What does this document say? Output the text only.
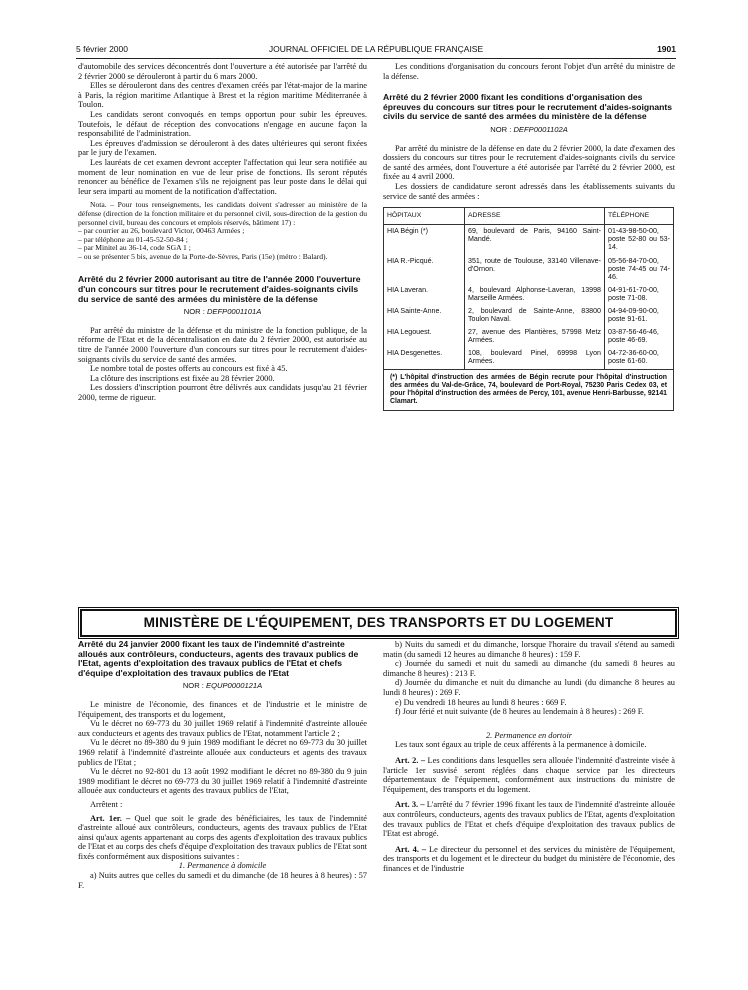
5 février 2000	JOURNAL OFFICIEL DE LA RÉPUBLIQUE FRANÇAISE	1901

d'automobile des services déconcentrés dont l'ouverture a été autorisée par l'arrêté du 2 février 2000 se dérouleront à partir du 6 mars 2000.

Elles se dérouleront dans des centres d'examen créés par l'état-major de la marine à Paris, la région maritime Atlantique à Brest et la région maritime Méditerranée à Toulon.

Les candidats seront convoqués en temps opportun pour subir les épreuves. Toutefois, le défaut de réception des convocations n'engage en aucune façon la responsabilité de l'administration.

Les épreuves d'admission se dérouleront à des dates ultérieures qui seront fixées par le jury de l'examen.

Les lauréats de cet examen devront accepter l'affectation qui leur sera notifiée au moment de leur nomination en vue de leur prise de fonctions. Ils seront réputés renoncer au bénéfice de l'examen s'ils ne rejoignent pas leur poste dans le délai qui leur sera imparti au moment de la notification d'affectation.

Nota. – Pour tous renseignements, les candidats doivent s'adresser au ministère de la défense (direction de la fonction militaire et du personnel civil, sous-direction de la gestion du personnel civil, bureau des concours et emplois réservés, bâtiment 17) :

– par courrier au 26, boulevard Victor, 00463 Armées ;
– par téléphone au 01-45-52-50-84 ;
– par Minitel au 36-14, code SGA 1 ;
– ou se présenter 5 bis, avenue de la Porte-de-Sèvres, Paris (15e) (métro : Balard).
Arrêté du 2 février 2000 autorisant au titre de l'année 2000 l'ouverture d'un concours sur titres pour le recrutement d'aides-soignants civils du service de santé des armées du ministère de la défense
NOR : DEFP0001101A

Par arrêté du ministre de la défense et du ministre de la fonction publique, de la réforme de l'Etat et de la décentralisation en date du 2 février 2000, est autorisée au titre de l'année 2000 l'ouverture d'un concours sur titres pour le recrutement d'aides-soignants civils du service de santé des armées.

Le nombre total de postes offerts au concours est fixé à 45.

La clôture des inscriptions est fixée au 28 février 2000.

Les dossiers d'inscription pourront être délivrés aux candidats jusqu'au 21 février 2000, terme de rigueur.

Les conditions d'organisation du concours feront l'objet d'un arrêté du ministre de la défense.

Arrêté du 2 février 2000 fixant les conditions d'organisation des épreuves du concours sur titres pour le recrutement d'aides-soignants civils du service de santé des armées du ministère de la défense
NOR : DEFP0001102A

Par arrêté du ministre de la défense en date du 2 février 2000, la date d'examen des dossiers du concours sur titres pour le recrutement d'aides-soignants civils du service de santé des armées, dont l'ouverture a été autorisée par l'arrêté du 2 février 2000, est fixée au 4 avril 2000.

Les dossiers de candidature seront adressés dans les établissements suivants du service de santé des armées :

HÔPITAUX	ADRESSE	TÉLÉPHONE
HIA Bégin (*)	69, boulevard de Paris, 94160 Saint-Mandé.	01-43-98-50-00, poste 52-80 ou 53-14.
HIA R.-Picqué.	351, route de Toulouse, 33140 Villenave-d'Ornon.	05-56-84-70-00, poste 74-45 ou 74-46.
HIA Laveran.	4, boulevard Alphonse-Laveran, 13998 Marseille Armées.	04-91-61-70-00, poste 71-08.
HIA Sainte-Anne.	2, boulevard de Sainte-Anne, 83800 Toulon Naval.	04-94-09-90-00, poste 91-61.
HIA Legouest.	27, avenue des Plantières, 57998 Metz Armées.	03-87-56-46-46, poste 46-69.
HIA Desgenettes.	108, boulevard Pinel, 69998 Lyon Armées.	04-72-36-60-00, poste 61-60.
(*) L'hôpital d'instruction des armées de Bégin recrute pour l'hôpital d'instruction des armées du Val-de-Grâce, 74, boulevard de Port-Royal, 75230 Paris Cedex 03, et pour l'hôpital d'instruction des armées de Percy, 101, avenue Henri-Barbusse, 92141 Clamart.		
MINISTÈRE DE L'ÉQUIPEMENT, DES TRANSPORTS ET DU LOGEMENT
Arrêté du 24 janvier 2000 fixant les taux de l'indemnité d'astreinte alloués aux contrôleurs, conducteurs, agents des travaux publics de l'Etat, agents d'exploitation des travaux publics de l'Etat et chefs d'équipe d'exploitation des travaux publics de l'Etat
NOR : EQUP0000121A

Le ministre de l'économie, des finances et de l'industrie et le ministre de l'équipement, des transports et du logement,

Vu le décret no 69-773 du 30 juillet 1969 relatif à l'indemnité d'astreinte allouée aux conducteurs et agents des travaux publics de l'Etat, notamment l'article 2 ;

Vu le décret no 89-380 du 9 juin 1989 modifiant le décret no 69-773 du 30 juillet 1969 relatif à l'indemnité d'astreinte allouée aux conducteurs et agents des travaux publics de l'Etat ;

Vu le décret no 92-801 du 13 août 1992 modifiant le décret no 89-380 du 9 juin 1989 modifiant le décret no 69-773 du 30 juillet 1969 relatif à l'indemnité d'astreinte allouée aux conducteurs et agents des travaux publics de l'Etat,

Arrêtent :

Art. 1er. – Quel que soit le grade des bénéficiaires, les taux de l'indemnité d'astreinte alloué aux contrôleurs, conducteurs, agents des travaux publics de l'Etat ainsi qu'aux agents appartenant au corps des agents d'exploitation des travaux publics de l'Etat et au corps des chefs d'équipe d'exploitation des travaux publics de l'Etat sont fixés conformément aux dispositions suivantes :

1. Permanence à domicile

a) Nuits autres que celles du samedi et du dimanche (de 18 heures à 8 heures) : 57 F.

b) Nuits du samedi et du dimanche, lorsque l'horaire du travail s'étend au samedi matin (du samedi 12 heures au dimanche 8 heures) : 159 F.

c) Journée du samedi et nuit du samedi au dimanche (du samedi 8 heures au dimanche 8 heures) : 213 F.

d) Journée du dimanche et nuit du dimanche au lundi (du dimanche 8 heures au lundi 8 heures) : 269 F.

e) Du vendredi 18 heures au lundi 8 heures : 669 F.

f) Jour férié et nuit suivante (de 8 heures au lendemain à 8 heures) : 269 F.

2. Permanence en dortoir

Les taux sont égaux au triple de ceux afférents à la permanence à domicile.

Art. 2. – Les conditions dans lesquelles sera allouée l'indemnité d'astreinte visée à l'article 1er susvisé seront réglées dans chaque service par les directeurs départementaux de l'équipement, conformément aux instructions du ministre de l'équipement, des transports et du logement.

Art. 3. – L'arrêté du 7 février 1996 fixant les taux de l'indemnité d'astreinte allouée aux contrôleurs, conducteurs, agents des travaux publics de l'Etat, agents d'exploitation des travaux publics de l'Etat et chefs d'équipe d'exploitation des travaux publics de l'Etat est abrogé.

Art. 4. – Le directeur du personnel et des services du ministère de l'équipement, des transports et du logement et le directeur du budget du ministère de l'économie, des finances et de l'industrie
